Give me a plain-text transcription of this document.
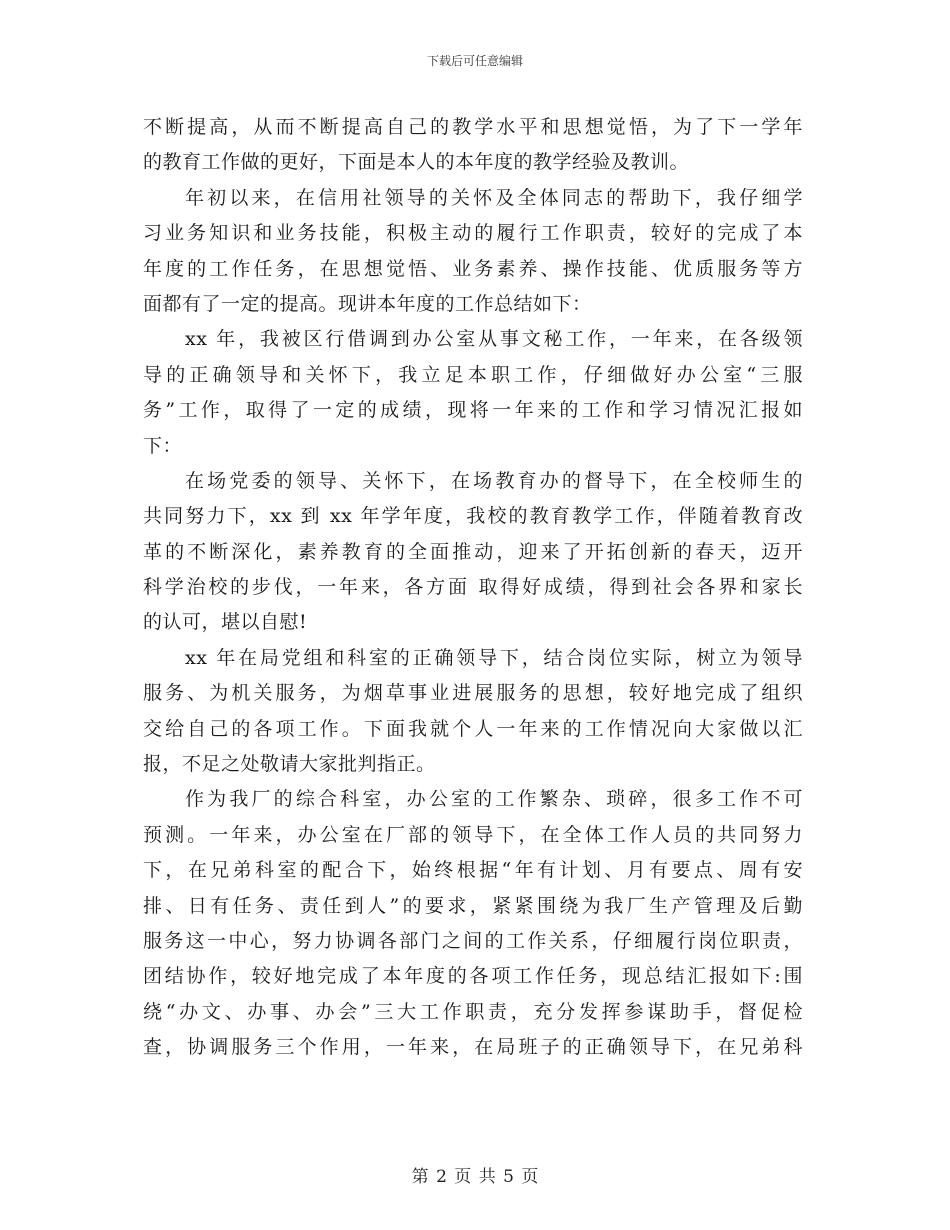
下载后可任意编辑
不断提高，从而不断提高自己的教学水平和思想觉悟，为了下一学年
的教育工作做的更好，下面是本人的本年度的教学经验及教训。
年初以来，在信用社领导的关怀及全体同志的帮助下，我仔细学
习业务知识和业务技能，积极主动的履行工作职责，较好的完成了本
年度的工作任务，在思想觉悟、业务素养、操作技能、优质服务等方
面都有了一定的提高。现讲本年度的工作总结如下：
xx 年，我被区行借调到办公室从事文秘工作，一年来，在各级领
导的正确领导和关怀下，我立足本职工作，仔细做好办公室“三服
务”工作，取得了一定的成绩，现将一年来的工作和学习情况汇报如
下：
在场党委的领导、关怀下，在场教育办的督导下，在全校师生的
共同努力下，xx 到 xx 年学年度，我校的教育教学工作，伴随着教育改
革的不断深化，素养教育的全面推动，迎来了开拓创新的春天，迈开
科学治校的步伐，一年来，各方面 取得好成绩，得到社会各界和家长
的认可，堪以自慰!
xx 年在局党组和科室的正确领导下，结合岗位实际，树立为领导
服务、为机关服务，为烟草事业进展服务的思想，较好地完成了组织
交给自己的各项工作。下面我就个人一年来的工作情况向大家做以汇
报，不足之处敬请大家批判指正。
作为我厂的综合科室，办公室的工作繁杂、琐碎，很多工作不可
预测。一年来，办公室在厂部的领导下，在全体工作人员的共同努力
下，在兄弟科室的配合下，始终根据“年有计划、月有要点、周有安
排、日有任务、责任到人”的要求，紧紧围绕为我厂生产管理及后勤
服务这一中心，努力协调各部门之间的工作关系，仔细履行岗位职责，
团结协作，较好地完成了本年度的各项工作任务，现总结汇报如下:围
绕“办文、办事、办会”三大工作职责，充分发挥参谋助手，督促检
查，协调服务三个作用，一年来，在局班子的正确领导下，在兄弟科
第 2 页 共 5 页
